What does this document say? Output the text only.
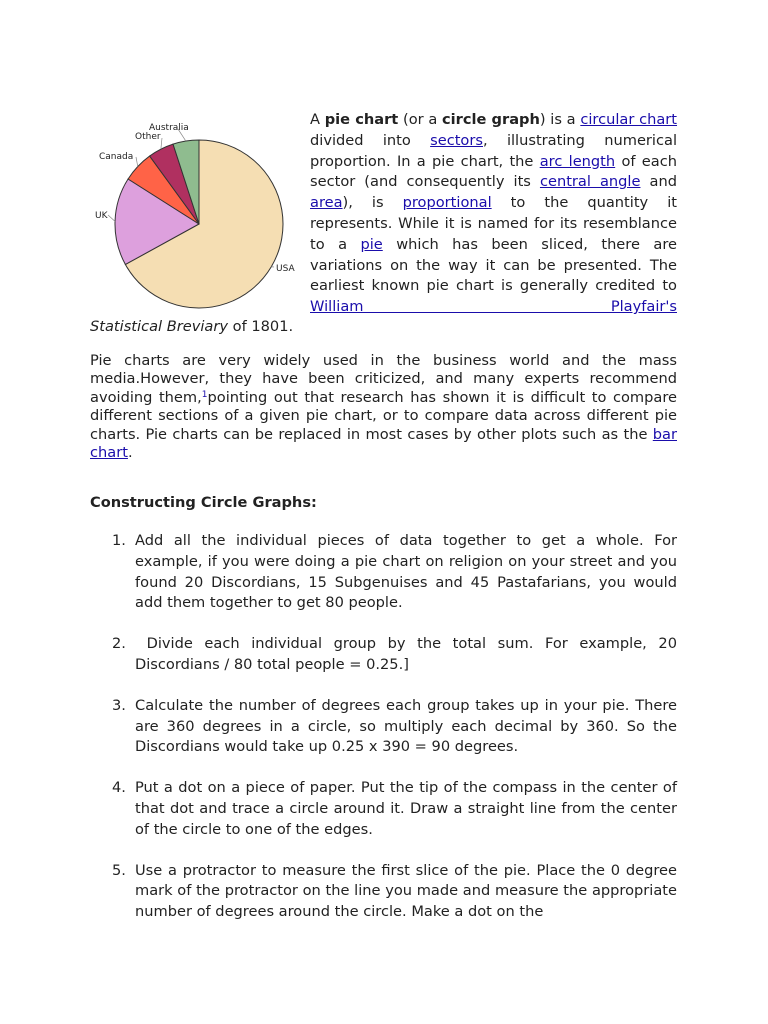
USA
UK
Canada
Other
Australia	A pie chart (or a circle graph) is a circular chart divided into sectors, illustrating numerical proportion. In a pie chart, the arc length of each sector (and consequently its central angle and area), is proportional to the quantity it represents. While it is named for its resemblance to a pie which has been sliced, there are variations on the way it can be presented. The earliest known pie chart is generally credited to William Playfair's

Statistical Breviary of 1801.

Pie charts are very widely used in the business world and the mass media.However, they have been criticized, and many experts recommend avoiding them,$^1$pointing out that research has shown it is difficult to compare different sections of a given pie chart, or to compare data across different pie charts. Pie charts can be replaced in most cases by other plots such as the bar chart.

Constructing Circle Graphs:
1. Add all the individual pieces of data together to get a whole. For example, if you were doing a pie chart on religion on your street and you found 20 Discordians, 15 Subgenuises and 45 Pastafarians, you would add them together to get 80 people.
2. Divide each individual group by the total sum. For example, 20 Discordians / 80 total people = 0.25.]
3. Calculate the number of degrees each group takes up in your pie. There are 360 degrees in a circle, so multiply each decimal by 360. So the Discordians would take up 0.25 x 390 = 90 degrees.
4. Put a dot on a piece of paper. Put the tip of the compass in the center of that dot and trace a circle around it. Draw a straight line from the center of the circle to one of the edges.
5. Use a protractor to measure the first slice of the pie. Place the 0 degree mark of the protractor on the line you made and measure the appropriate number of degrees around the circle. Make a dot on the
